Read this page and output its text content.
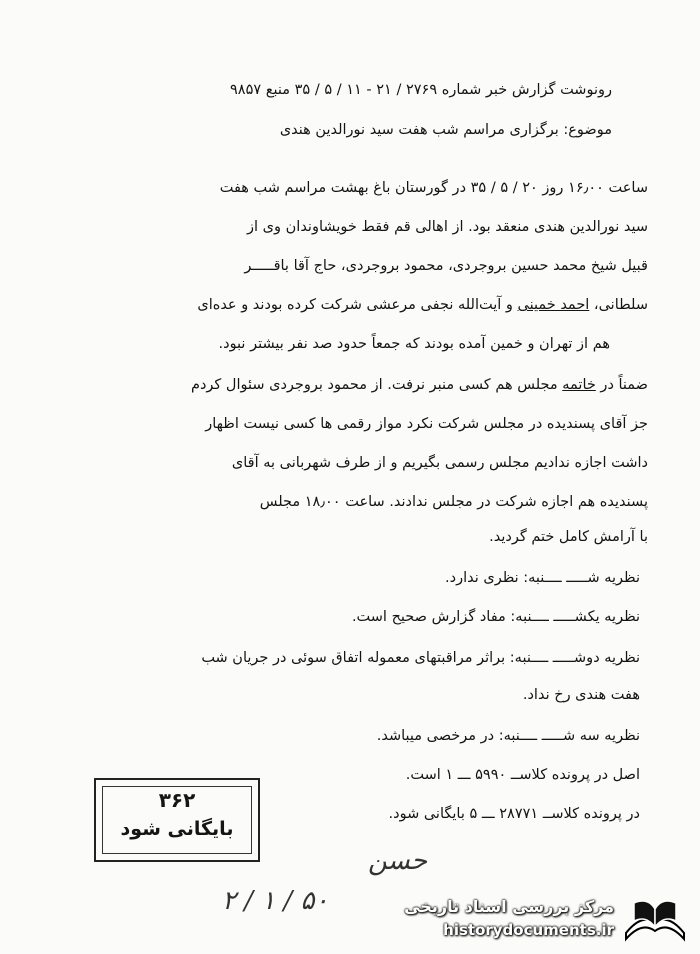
رونوشت گزارش خبر شماره ۲۷۶۹ / ۲۱ - ۱۱ / ۵ / ۳۵ منبع ۹۸۵۷
موضوع: برگزاری مراسم شب هفت سید نورالدین هندی
ساعت ۱۶٫۰۰ روز ۲۰ / ۵ / ۳۵ در گورستان باغ بهشت مراسم شب هفت
سید نورالدین هندی منعقد بود. از اهالی قم فقط خویشاوندان وی از
قبیل شیخ محمد حسین بروجردی، محمود بروجردی، حاج آقا باقـــــر
سلطانی، احمد خمینی و آیت‌الله نجفی مرعشی شرکت کرده بودند و عده‌ای
هم از تهران و خمین آمده بودند که جمعاً حدود صد نفر بیشتر نبود.
ضمناً در خاتمه مجلس هم کسی منبر نرفت. از محمود بروجردی سئوال کردم
جز آقای پسندیده در مجلس شرکت نکرد مواز رقمی ها کسی نیست اظهار
داشت اجازه ندادیم مجلس رسمی بگیریم و از طرف شهربانی به آقای
پسندیده هم اجازه شرکت در مجلس ندادند. ساعت ۱۸٫۰۰ مجلس
با آرامش کامل ختم گردید.
نظریه شـــــ ــــنبه: نظری ندارد.
نظریه یکشـــــ ــــنبه: مفاد گزارش صحیح است.
نظریه دوشـــــ ــــنبه: براثر مراقبتهای معموله اتفاق سوئی در جریان شب
هفت هندی رخ نداد.
نظریه سه شـــــ ــــنبه: در مرخصی میباشد.
اصل در پرونده کلاســ ۵۹۹۰ ـــ ۱ است.
در پرونده کلاســ ۲۸۷۷۱ ـــ ۵ بایگانی شود.
۳۶۲
بایگانی شود
حسن
۲ / ۱ / ۵۰	مرکز بررسی اسناد تاریخی
historydocuments.ir
